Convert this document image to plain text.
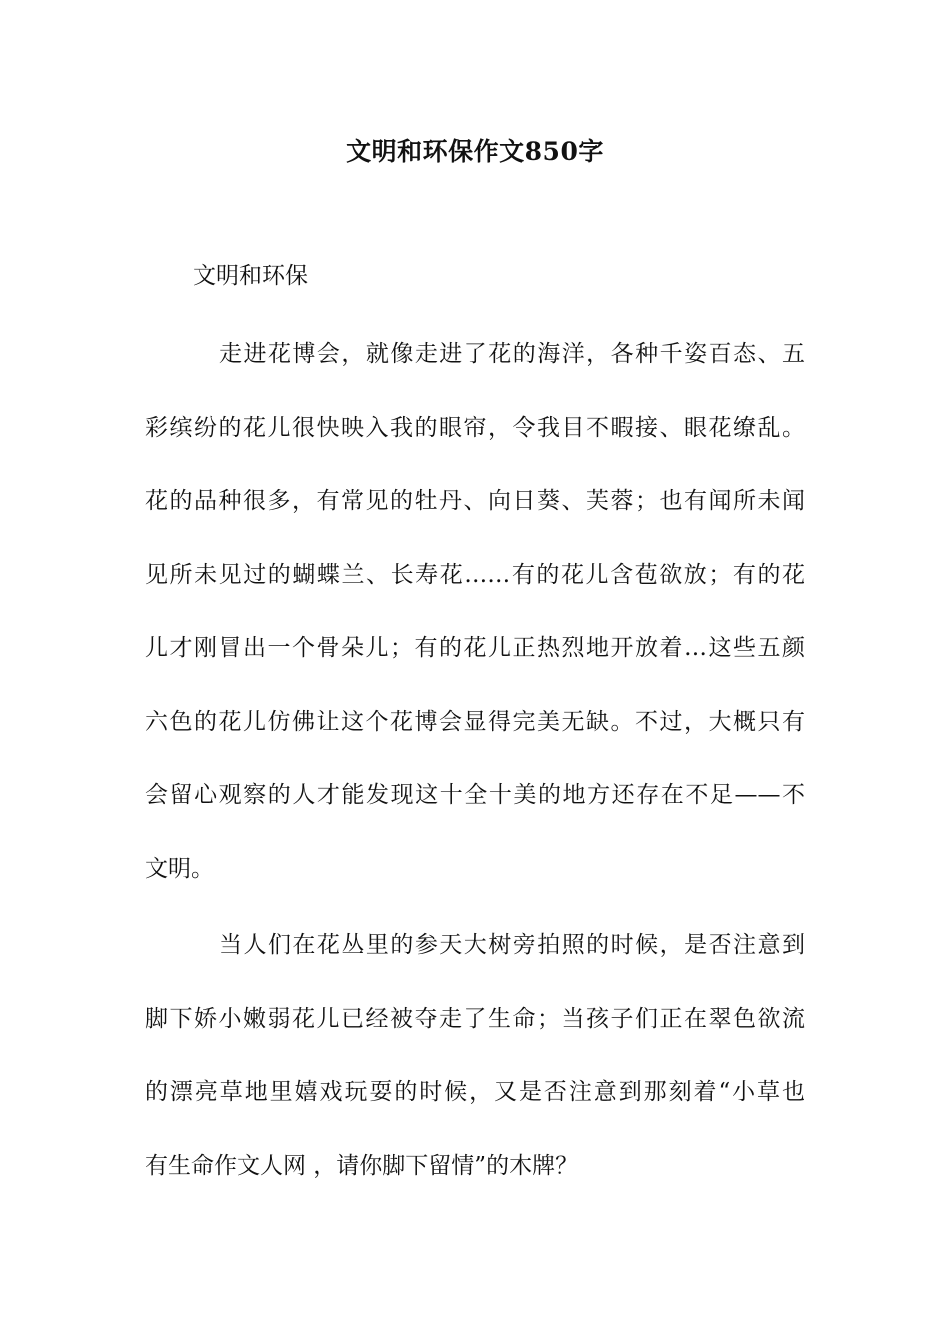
文明和环保作文850字
文明和环保
走进花博会，就像走进了花的海洋，各种千姿百态、五
彩缤纷的花儿很快映入我的眼帘，令我目不暇接、眼花缭乱。
花的品种很多，有常见的牡丹、向日葵、芙蓉；也有闻所未闻
见所未见过的蝴蝶兰、长寿花……有的花儿含苞欲放；有的花
儿才刚冒出一个骨朵儿；有的花儿正热烈地开放着…这些五颜
六色的花儿仿佛让这个花博会显得完美无缺。不过，大概只有
会留心观察的人才能发现这十全十美的地方还存在不足——不
文明。
当人们在花丛里的参天大树旁拍照的时候，是否注意到
脚下娇小嫩弱花儿已经被夺走了生命；当孩子们正在翠色欲流
的漂亮草地里嬉戏玩耍的时候，又是否注意到那刻着“小草也
有生命作文人网 ，请你脚下留情”的木牌？
